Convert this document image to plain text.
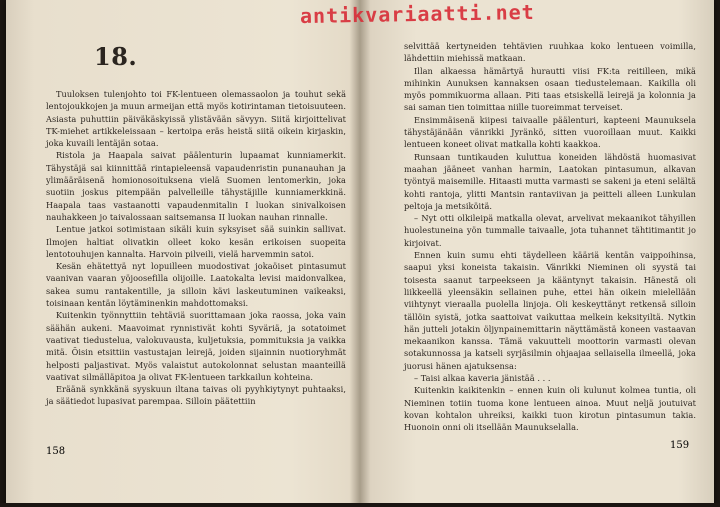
18.

Tuuloksen tulenjohto toi FK-lentueen olemassaolon ja touhut sekä lentojoukkojen ja muun armeijan että myös kotirintaman tietoisuuteen. Asiasta puhuttiin päiväkäskyissä ylistävään sävyyn. Siitä kirjoittelivat TK-miehet artikkeleissaan – kertoipa eräs heistä siitä oikein kirjaskin, joka kuvaili lentäjän sotaa.

Ristola ja Haapala saivat päälenturin lupaamat kunniamerkit. Tähystäjä sai kiinnittää rintapieleensä vapaudenristin punanauhan ja ylimääräisenä homionosoituksena vielä Suomen lentomerkin, joka suotiin joskus pitempään palvelleille tähystäjille kunniamerkkinä. Haapala taas vastaanotti vapaudenmitalin I luokan sinivalkoisen nauhakkeen jo taivalossaan saitsemansa II luokan nauhan rinnalle.

Lentue jatkoi sotimistaan sikäli kuin syksyiset sää suinkin sallivat. Ilmojen haltiat olivatkin olleet koko kesän erikoisen suopeita lentotouhujen kannalta. Harvoin pilveili, vielä harvemmin satoi.

Kesän ehätettyä nyt lopuilleen muodostivat jokaöiset pintasumut vaanivan vaaran yöjoosefilla olijoille. Laatokalta levisi maidonvalkea, sakea sumu rantakentille, ja silloin kävi laskeutuminen vaikeaksi, toisinaan kentän löytäminenkin mahdottomaksi.

Kuitenkin työnnyttiin tehtäviä suorittamaan joka raossa, joka vain säähän aukeni. Maavoimat rynnistivät kohti Syväriä, ja sotatoimet vaativat tiedustelua, valokuvausta, kuljetuksia, pommituksia ja vaikka mitä. Öisin etsittiin vastustajan leirejä, joiden sijainnin nuotioryhmät helposti paljastivat. Myös valaistut autokolonnat selustan maanteillä vaativat silmälläpitoa ja olivat FK-lentueen tarkkailun kohteina.

Eräänä synkkänä syyskuun iltana taivas oli pyyhkiytynyt puhtaaksi, ja säätiedot lupasivat parempaa. Silloin päätettiin

selvittää kertyneiden tehtävien ruuhkaa koko lentueen voimilla, lähdettiin miehissä matkaan.

Illan alkaessa hämärtyä hurautti viisi FK:ta reitilleen, mikä mihinkin Aunuksen kannaksen osaan tiedustelemaan. Kaikilla oli myös pommikuorma allaan. Piti taas etsiskellä leirejä ja kolonnia ja sai saman tien toimittaa niille tuoreimmat terveiset.

Ensimmäisenä kiipesi taivaalle päälenturi, kapteeni Maunuksela tähystäjänään vänrikki Jyränkö, sitten vuoroillaan muut. Kaikki lentueen koneet olivat matkalla kohti kaakkoa.

Runsaan tuntikauden kuluttua koneiden lähdöstä huomasivat maahan jääneet vanhan harmin, Laatokan pintasumun, alkavan työntyä maisemille. Hitaasti mutta varmasti se sakeni ja eteni selältä kohti rantoja, ylitti Mantsin rantaviivan ja peitteli alleen Lunkulan peltoja ja metsiköitä.

– Nyt otti olkileipä matkalla olevat, arvelivat mekaanikot tähyillen huolestuneina yön tummalle taivaalle, jota tuhannet tähtitimantit jo kirjoivat.

Ennen kuin sumu ehti täydelleen kääriä kentän vaippoihinsa, saapui yksi koneista takaisin. Vänrikki Nieminen oli syystä tai toisesta saanut tarpeekseen ja kääntynyt takaisin. Hänestä oli liikkeellä yleensäkin sellainen puhe, ettei hän oikein mielellään viihtynyt vieraalla puolella linjoja. Oli keskeyttänyt retkensä silloin tällöin syistä, jotka saattoivat vaikuttaa melkein keksityiltä. Nytkin hän jutteli jotakin öljynpainemittarin näyttämästä koneen vastaavan mekaanikon kanssa. Tämä vakuutteli moottorin varmasti olevan sotakunnossa ja katseli syrjäsilmin ohjaajaa sellaisella ilmeellä, joka juorusi hänen ajatuksensa:

– Taisi alkaa kaveria jänistää . . .

Kuitenkin kaikitenkin – ennen kuin oli kulunut kolmea tuntia, oli Nieminen totiin tuoma kone lentueen ainoa. Muut neljä joutuivat kovan kohtalon uhreiksi, kaikki tuon kirotun pintasumun takia. Huonoin onni oli itsellään Maunukselalla.

158
159
antikvariaatti.net
